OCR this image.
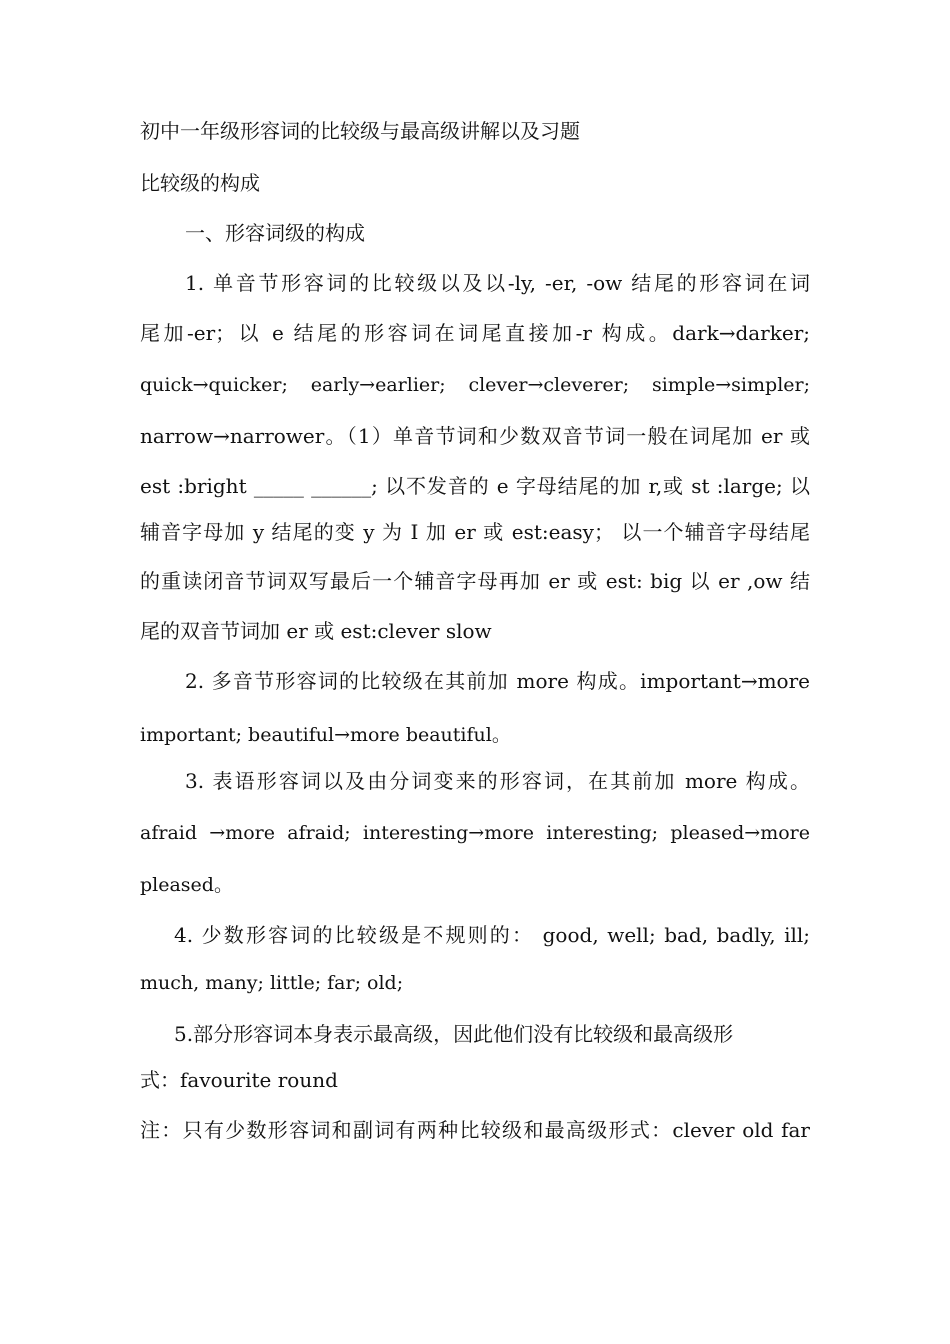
初中一年级形容词的比较级与最高级讲解以及习题
比较级的构成
一、形容词级的构成
1. 单音节形容词的比较级以及以-ly, -er, -ow 结尾的形容词在词
尾加-er；以 e 结尾的形容词在词尾直接加-r 构成。dark→darker;
quick→quicker; early→earlier; clever→cleverer; simple→simpler;
narrow→narrower。（1）单音节词和少数双音节词一般在词尾加 er 或
est :bright _____ ______; 以不发音的 e 字母结尾的加 r,或 st :large; 以
辅音字母加 y 结尾的变 y 为 I 加 er 或 est:easy； 以一个辅音字母结尾
的重读闭音节词双写最后一个辅音字母再加 er 或 est: big 以 er ,ow 结
尾的双音节词加 er 或 est:clever slow
2. 多音节形容词的比较级在其前加 more 构成。important→more
important; beautiful→more beautiful。
3. 表语形容词以及由分词变来的形容词，在其前加 more 构成。
afraid →more afraid; interesting→more interesting; pleased→more
pleased。
4. 少数形容词的比较级是不规则的： good, well; bad, badly, ill;
much, many; little; far; old;
5.部分形容词本身表示最高级，因此他们没有比较级和最高级形
式：favourite round
注：只有少数形容词和副词有两种比较级和最高级形式：clever old far
